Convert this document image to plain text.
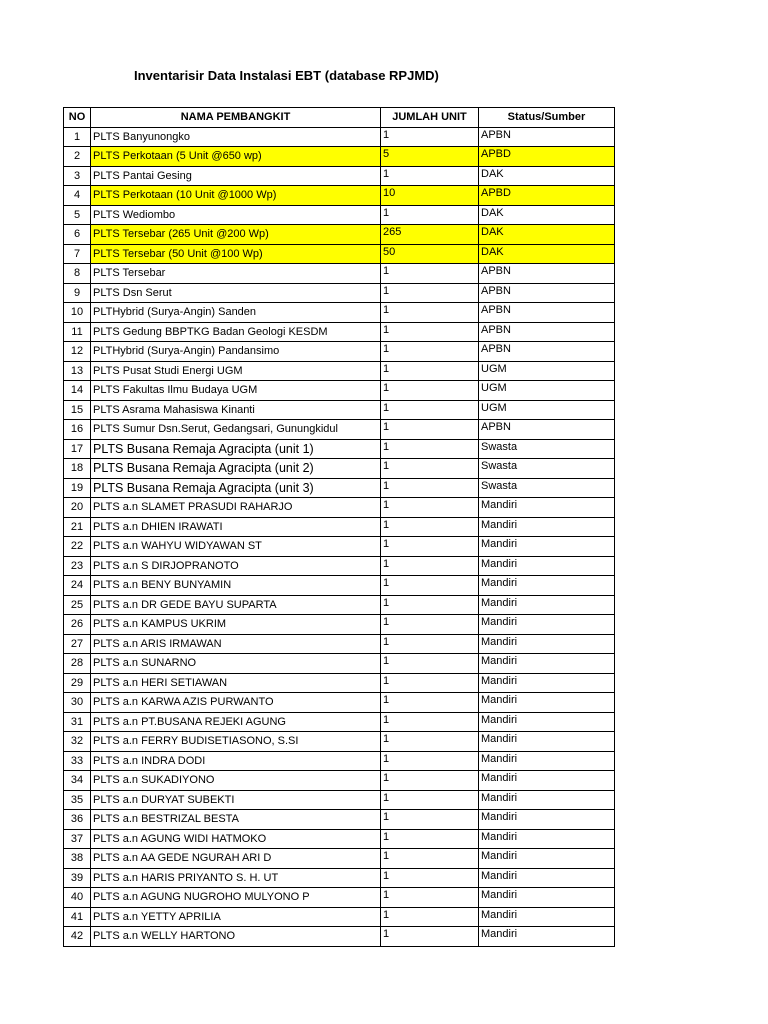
Inventarisir Data Instalasi EBT (database RPJMD)
NO	NAMA PEMBANGKIT	JUMLAH UNIT	Status/Sumber
1	PLTS Banyunongko	1	APBN
2	PLTS Perkotaan (5 Unit @650 wp)	5	APBD
3	PLTS Pantai Gesing	1	DAK
4	PLTS Perkotaan (10 Unit @1000 Wp)	10	APBD
5	PLTS Wediombo	1	DAK
6	PLTS Tersebar (265 Unit @200 Wp)	265	DAK
7	PLTS Tersebar (50 Unit @100 Wp)	50	DAK
8	PLTS Tersebar	1	APBN
9	PLTS Dsn Serut	1	APBN
10	PLTHybrid (Surya-Angin) Sanden	1	APBN
11	PLTS Gedung BBPTKG Badan Geologi KESDM	1	APBN
12	PLTHybrid (Surya-Angin) Pandansimo	1	APBN
13	PLTS Pusat Studi Energi UGM	1	UGM
14	PLTS Fakultas Ilmu Budaya UGM	1	UGM
15	PLTS Asrama Mahasiswa Kinanti	1	UGM
16	PLTS Sumur Dsn.Serut, Gedangsari, Gunungkidul	1	APBN
17	PLTS Busana Remaja Agracipta (unit 1)	1	Swasta
18	PLTS Busana Remaja Agracipta (unit 2)	1	Swasta
19	PLTS Busana Remaja Agracipta (unit 3)	1	Swasta
20	PLTS a.n SLAMET PRASUDI RAHARJO	1	Mandiri
21	PLTS a.n DHIEN IRAWATI	1	Mandiri
22	PLTS a.n WAHYU WIDYAWAN ST	1	Mandiri
23	PLTS a.n S DIRJOPRANOTO	1	Mandiri
24	PLTS a.n BENY BUNYAMIN	1	Mandiri
25	PLTS a.n DR GEDE BAYU SUPARTA	1	Mandiri
26	PLTS a.n KAMPUS UKRIM	1	Mandiri
27	PLTS a.n ARIS IRMAWAN	1	Mandiri
28	PLTS a.n SUNARNO	1	Mandiri
29	PLTS a.n HERI SETIAWAN	1	Mandiri
30	PLTS a.n KARWA AZIS PURWANTO	1	Mandiri
31	PLTS a.n PT.BUSANA REJEKI AGUNG	1	Mandiri
32	PLTS a.n FERRY BUDISETIASONO, S.SI	1	Mandiri
33	PLTS a.n INDRA DODI	1	Mandiri
34	PLTS a.n SUKADIYONO	1	Mandiri
35	PLTS a.n DURYAT SUBEKTI	1	Mandiri
36	PLTS a.n BESTRIZAL BESTA	1	Mandiri
37	PLTS a.n AGUNG WIDI HATMOKO	1	Mandiri
38	PLTS a.n AA GEDE NGURAH ARI D	1	Mandiri
39	PLTS a.n HARIS PRIYANTO S. H. UT	1	Mandiri
40	PLTS a.n AGUNG NUGROHO MULYONO P	1	Mandiri
41	PLTS a.n YETTY APRILIA	1	Mandiri
42	PLTS a.n WELLY HARTONO	1	Mandiri
